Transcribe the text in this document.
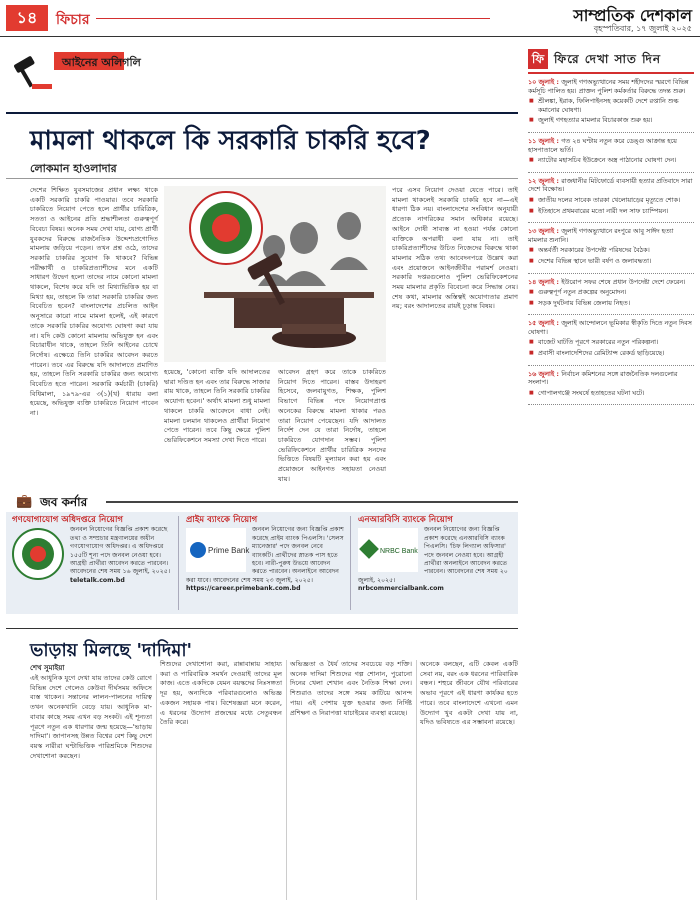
১৪	ফিচার	সাম্প্রতিক দেশকাল
বৃহস্পতিবার, ১৭ জুলাই ২০২৫
আইনের অলিগলি
মামলা থাকলে কি সরকারি চাকরি হবে?
লোকমান হাওলাদার
দেশের শিক্ষিত যুবসমাজের প্রধান লক্ষ্য থাকে একটি সরকারি চাকরি পাওয়ার। তবে সরকারি চাকরিতে নিয়োগ পেতে হলে প্রার্থীর চারিত্রিক, সততা ও আইনের প্রতি শ্রদ্ধাশীলতা গুরুত্বপূর্ণ বিবেচ্য বিষয়। অনেক সময় দেখা যায়, যোগ্য প্রার্থী যুবকদের বিরুদ্ধে রাজনৈতিক উদ্দেশ্যপ্রণোদিত মামলায় জড়িয়ে পড়েন। তখন প্রশ্ন ওঠে, তাদের সরকারি চাকরির সুযোগ কি থাকবে? বিভিন্ন পরীক্ষার্থী ও চাকরিপ্রত্যাশীদের মনে একটি সাধারণ উদ্বেগ হলো তাদের নামে কোনো মামলা থাকলে, বিশেষ করে যদি তা মিথ্যাভিত্তিক হয় বা মিথ্যা হয়, তাহলে কি তারা সরকারি চাকরির জন্য বিবেচিত হবেন? বাংলাদেশের প্রচলিত আইন অনুসারে কারো নামে মামলা হলেই, এই কারণে তাকে সরকারি চাকরির অযোগ্য ঘোষণা করা যায় না। যদি কেউ কোনো মামলায় অভিযুক্ত হন এবং বিচারাধীন থাকে, তাহলে তিনি আইনের চোখে নির্দোষ। এক্ষেত্রে তিনি চাকরির আবেদন করতে পারেন। তবে এর বিরুদ্ধে যদি আদালতে প্রমাণিত হয়, তাহলে তিনি সরকারি চাকরির জন্য অযোগ্য বিবেচিত হতে পারেন। সরকারি কর্মচারী (চাকরি) বিধিমালা, ১৯৭৯-এর ৩(১)(খ) ধারায় বলা হয়েছে, অভিযুক্ত ব্যক্তি চাকরিতে নিয়োগ পাবেন না।
হয়েছে, 'কোনো ব্যক্তি যদি আদালতের দ্বারা দণ্ডিত হন এবং তার বিরুদ্ধে সাজার রায় থাকে, তাহলে তিনি সরকারি চাকরির অযোগ্য হবেন।' অর্থাৎ মামলা শুধু মামলা থাকলে চাকরি আবেদনে বাধা নেই। মামলা চলমান থাকলেও প্রার্থীরা নিয়োগ পেতে পারেন। তবে কিছু ক্ষেত্রে পুলিশ ভেরিফিকেশনে সমস্যা দেখা দিতে পারে।
আবেদন গ্রহণ করে তাকে চাকরিতে নিয়োগ দিতে পারেন। বাস্তব উদাহরণ হিসেবে, জলবায়ুগত, শিক্ষক, পুলিশ বিভাগে বিভিন্ন পদে নিয়োগপ্রাপ্ত অনেকের বিরুদ্ধে মামলা থাকার পরও তারা নিয়োগ পেয়েছেন। যদি আদালত নির্দেশ দেন যে তারা নির্দোষ, তাহলে চাকরিতে যোগদান সম্ভব। পুলিশ ভেরিফিকেশনে প্রার্থীর চারিত্রিক সনদের ভিত্তিতে বিষয়টি মূল্যায়ন করা হয় এবং প্রয়োজনে আইনগত সহায়তা নেওয়া যায়।
পরে এসব নিয়োগ দেওয়া যেতে পারে। তাই মামলা থাকলেই সরকারি চাকরি হবে না—এই ধারণা ঠিক নয়। বাংলাদেশের সংবিধান অনুযায়ী প্রত্যেক নাগরিকের সমান অধিকার রয়েছে। আইনে দোষী সাব্যস্ত না হওয়া পর্যন্ত কোনো ব্যক্তিকে অপরাধী বলা যায় না। তাই চাকরিপ্রত্যাশীদের উচিত নিজেদের বিরুদ্ধে থাকা মামলার সঠিক তথ্য আবেদনপত্রে উল্লেখ করা এবং প্রয়োজনে আইনজীবীর পরামর্শ নেওয়া। সরকারি দপ্তরগুলোও পুলিশ ভেরিফিকেশনের সময় মামলার প্রকৃতি বিবেচনা করে সিদ্ধান্ত নেয়। শেষ কথা, মামলার অস্তিত্বই অযোগ্যতার প্রমাণ নয়; বরং আদালতের রায়ই চূড়ান্ত বিষয়।
💼 জব কর্নার
গণযোগাযোগ অধিদপ্তরে নিয়োগ
জনবল নিয়োগের বিজ্ঞপ্তি প্রকাশ করেছে তথ্য ও সম্প্রচার মন্ত্রণালয়ের অধীন গণযোগাযোগ অধিদপ্তর। এ অধিদপ্তরে ১৫৫টি শূন্য পদে জনবল নেওয়া হবে। আগ্রহী প্রার্থীরা আবেদন করতে পারবেন। আবেদনের শেষ সময় ১৬ জুলাই, ২০২৫।
teletalk.com.bd
প্রাইম ব্যাংকে নিয়োগ
Prime Bank
জনবল নিয়োগের জন্য বিজ্ঞপ্তি প্রকাশ করেছে প্রাইম ব্যাংক পিএলসি। 'সেলস ম্যানেজার' পদে জনবল নেবে ব্যাংকটি। প্রার্থীদের স্নাতক পাস হতে হবে। নারী-পুরুষ উভয়ে আবেদন করতে পারবেন। অনলাইনে আবেদন করা যাবে। আবেদনের শেষ সময় ২৩ জুলাই, ২০২৫।
https://career.primebank.com.bd
এনআরবিসি ব্যাংকে নিয়োগ
NRBC Bank
জনবল নিয়োগের জন্য বিজ্ঞপ্তি প্রকাশ করেছে এনআরবিসি ব্যাংক পিএলসি। 'চিফ লিগ্যাল অফিসার' পদে জনবল নেওয়া হবে। আগ্রহী প্রার্থীরা অনলাইনে আবেদন করতে পারবেন। আবেদনের শেষ সময় ২০ জুলাই, ২০২৫।
nrbcommercialbank.com
ভাড়ায় মিলছে 'দাদিমা'
শেখ সুমাইয়া
এই আধুনিক যুগে দেখা যায় তাদের কেউ রোগে বিভিন্ন দেশে গেলেও কেউবা দীর্ঘসময় অফিসে ব্যস্ত থাকেন। সন্তানের লালন-পালনের দায়িত্ব তখন অনেকখানি বেড়ে যায়। আধুনিক মা-বাবার কাছে সময় এখন বড় সংকট। এই শূন্যতা পূরণে নতুন এক ধারণার জন্ম হয়েছে—'ভাড়ায় দাদিমা'। জাপানসহ উন্নত বিশ্বের বেশ কিছু দেশে বয়স্ক নারীরা ঘণ্টাভিত্তিক পারিশ্রমিকে শিশুদের দেখাশোনা করছেন।
শিশুদের দেখাশোনা করা, রান্নাবান্নায় সাহায্য করা ও পারিবারিক সমর্থন দেওয়াই তাদের মূল কাজ। এতে একদিকে যেমন বয়স্কদের নিঃসঙ্গতা দূর হয়, অন্যদিকে পরিবারগুলোও অভিজ্ঞ একজন সহায়ক পায়। বিশেষজ্ঞরা মনে করেন, এ ধরনের উদ্যোগ প্রজন্মের মধ্যে সেতুবন্ধন তৈরি করে।
অভিজ্ঞতা ও ধৈর্য তাদের সবচেয়ে বড় শক্তি। অনেক দাদিমা শিশুদের গল্প শোনান, পুরোনো দিনের খেলা শেখান এবং নৈতিক শিক্ষা দেন। শিশুরাও তাদের সঙ্গে সময় কাটিয়ে আনন্দ পায়। এই পেশায় যুক্ত হওয়ার জন্য নির্দিষ্ট প্রশিক্ষণ ও নিরাপত্তা যাচাইয়ের ব্যবস্থা রয়েছে।
অনেকে বলছেন, এটি কেবল একটি সেবা নয়, বরং এক ধরনের পারিবারিক বন্ধন। শহুরে জীবনে যৌথ পরিবারের অভাব পূরণে এই ধারণা কার্যকর হতে পারে। তবে বাংলাদেশে এখনো এমন উদ্যোগ খুব একটা দেখা যায় না, যদিও ভবিষ্যতে এর সম্ভাবনা রয়েছে।
ফি ফিরে দেখা সাত দিন
১০ জুলাই : জুলাই গণঅভ্যুত্থানের সময় শহীদদের স্মরণে বিভিন্ন কর্মসূচি পালিত হয়। প্রাক্তন পুলিশ কর্মকর্তার বিরুদ্ধে তদন্ত শুরু।
■ শ্রীলঙ্কা, ইরাক, ফিলিপাইনসহ কয়েকটি দেশে রপ্তানি শুল্ক কমানোর ঘোষণা।
■ জুলাই গণহত্যার মামলার বিচারকাজ শুরু হয়।
১১ জুলাই : গত ২৪ ঘণ্টায় নতুন করে ডেঙ্গু আক্রান্ত হয়ে হাসপাতালে ভর্তি।
■ ন্যাটোর মহাসচিব ইউক্রেনে অস্ত্র পাঠানোর ঘোষণা দেন।
১২ জুলাই : রাজধানীর মিটফোর্ডে ব্যবসায়ী হত্যার প্রতিবাদে সারা দেশে বিক্ষোভ।
■ জাতীয় দলের সাবেক তারকা খেলোয়াড়ের মৃত্যুতে শোক।
■ ইতিহাসে প্রথমবারের মতো নারী দল সাফ চ্যাম্পিয়ন।
১৩ জুলাই : জুলাই গণঅভ্যুত্থানে রংপুরে আবু সাঈদ হত্যা মামলার শুনানি।
■ অন্তর্বর্তী সরকারের উপদেষ্টা পরিষদের বৈঠক।
■ দেশের বিভিন্ন স্থানে ভারী বর্ষণ ও জলাবদ্ধতা।
১৪ জুলাই : ইউরোপ সফর শেষে প্রধান উপদেষ্টা দেশে ফেরেন।
■ গুরুত্বপূর্ণ নতুন প্রকল্পের অনুমোদন।
■ সড়ক দুর্ঘটনায় বিভিন্ন জেলায় নিহত।
১৫ জুলাই : জুলাই আন্দোলনে ভূমিকার স্বীকৃতি দিতে নতুন দিবস ঘোষণা।
■ বাজেট ঘাটতি পূরণে সরকারের নতুন পরিকল্পনা।
■ প্রবাসী বাংলাদেশিদের রেমিট্যান্স রেকর্ড ছাড়িয়েছে।
১৬ জুলাই : নির্বাচন কমিশনের সঙ্গে রাজনৈতিক দলগুলোর সংলাপ।
■ গোপালগঞ্জে সংঘর্ষে হতাহতের ঘটনা ঘটে।
